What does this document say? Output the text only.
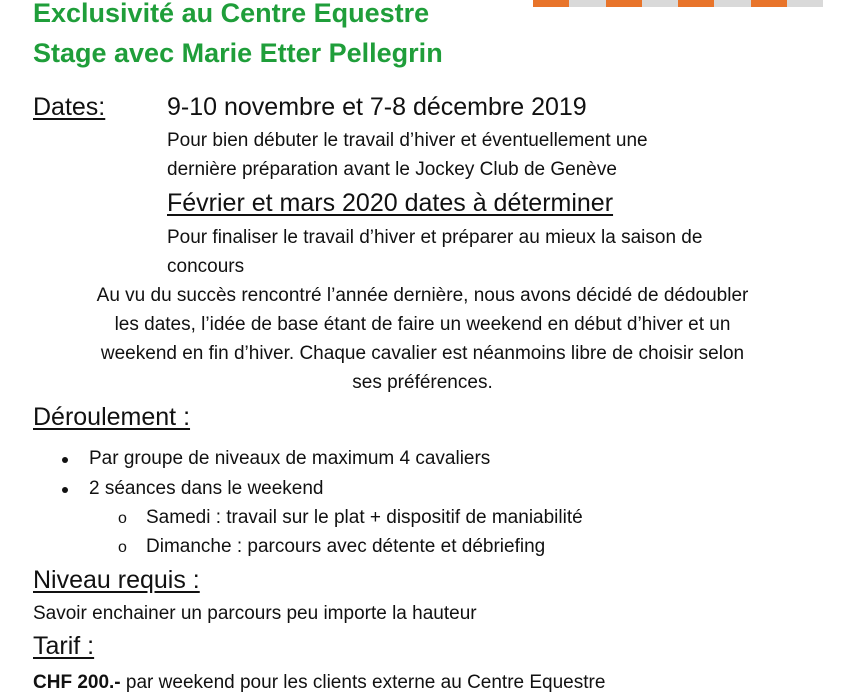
Exclusivité au Centre Equestre
Stage avec Marie Etter Pellegrin
Dates: 9-10 novembre et 7-8 décembre 2019
Pour bien débuter le travail d’hiver et éventuellement une
dernière préparation avant le Jockey Club de Genève
Février et mars 2020 dates à déterminer
Pour finaliser le travail d’hiver et préparer au mieux la saison de
concours
Au vu du succès rencontré l’année dernière, nous avons décidé de dédoubler
les dates, l’idée de base étant de faire un weekend en début d’hiver et un
weekend en fin d’hiver. Chaque cavalier est néanmoins libre de choisir selon
ses préférences.
Déroulement :
Par groupe de niveaux de maximum 4 cavaliers
2 séances dans le weekend
o Samedi : travail sur le plat + dispositif de maniabilité
o Dimanche : parcours avec détente et débriefing
Niveau requis :
Savoir enchainer un parcours peu importe la hauteur
Tarif :
CHF 200.- par weekend pour les clients externe au Centre Equestre
